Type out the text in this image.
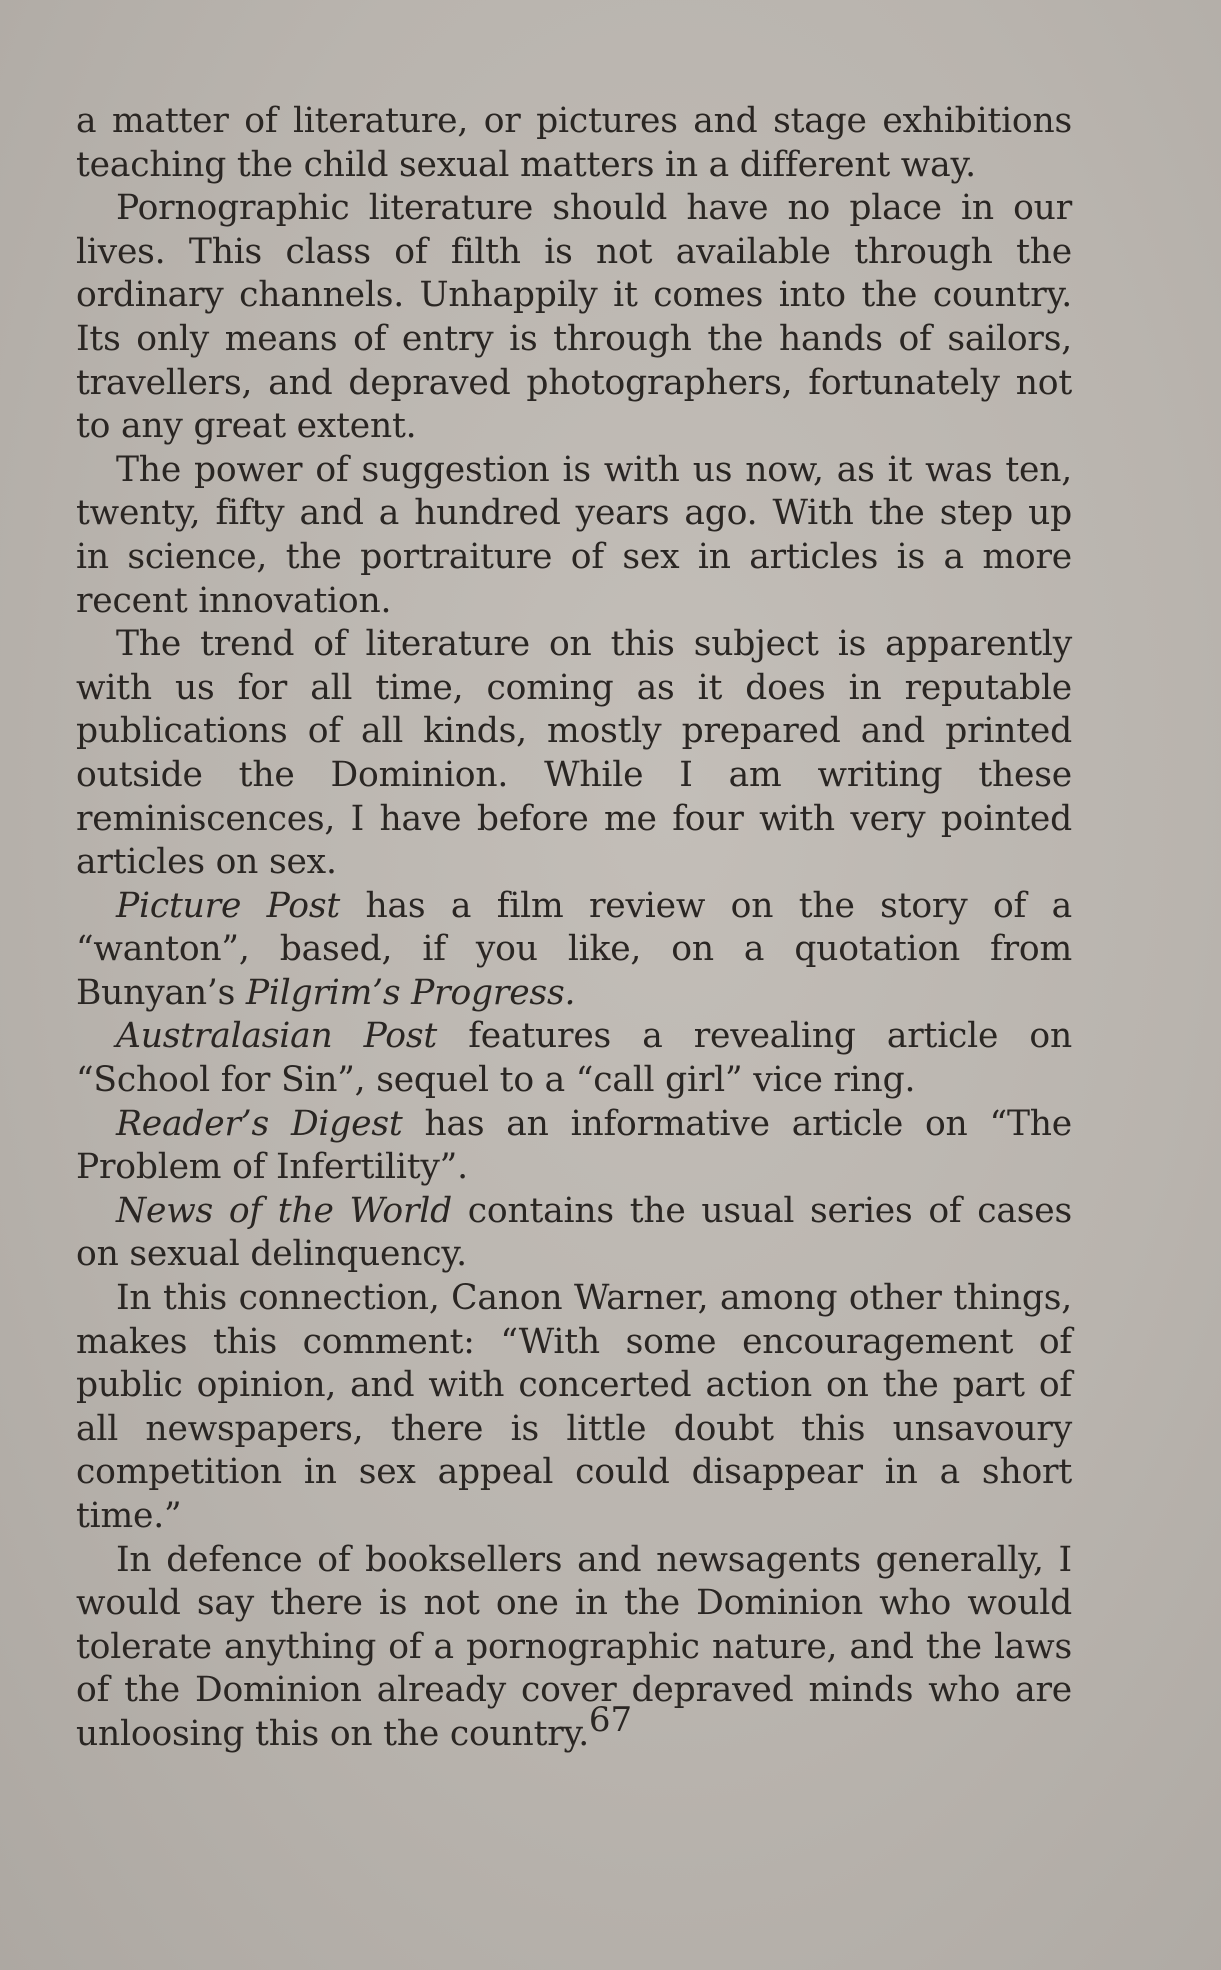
a matter of literature, or pictures and stage exhibitions teaching the child sexual matters in a different way.

Pornographic literature should have no place in our lives. This class of filth is not available through the ordinary channels. Unhappily it comes into the country. Its only means of entry is through the hands of sailors, travellers, and depraved photographers, fortunately not to any great extent.

The power of suggestion is with us now, as it was ten, twenty, fifty and a hundred years ago. With the step up in science, the portraiture of sex in articles is a more recent innovation.

The trend of literature on this subject is apparently with us for all time, coming as it does in reputable publications of all kinds, mostly prepared and printed outside the Dominion. While I am writing these reminiscences, I have before me four with very pointed articles on sex.

Picture Post has a film review on the story of a “wanton”, based, if you like, on a quotation from Bunyan’s Pilgrim’s Progress.

Australasian Post features a revealing article on “School for Sin”, sequel to a “call girl” vice ring.

Reader’s Digest has an informative article on “The Problem of Infertility”.

News of the World contains the usual series of cases on sexual delinquency.

In this connection, Canon Warner, among other things, makes this comment: “With some encouragement of public opinion, and with concerted action on the part of all newspapers, there is little doubt this unsavoury competition in sex appeal could disappear in a short time.”

In defence of booksellers and newsagents generally, I would say there is not one in the Dominion who would tolerate anything of a pornographic nature, and the laws of the Dominion already cover depraved minds who are unloosing this on the country. 67
